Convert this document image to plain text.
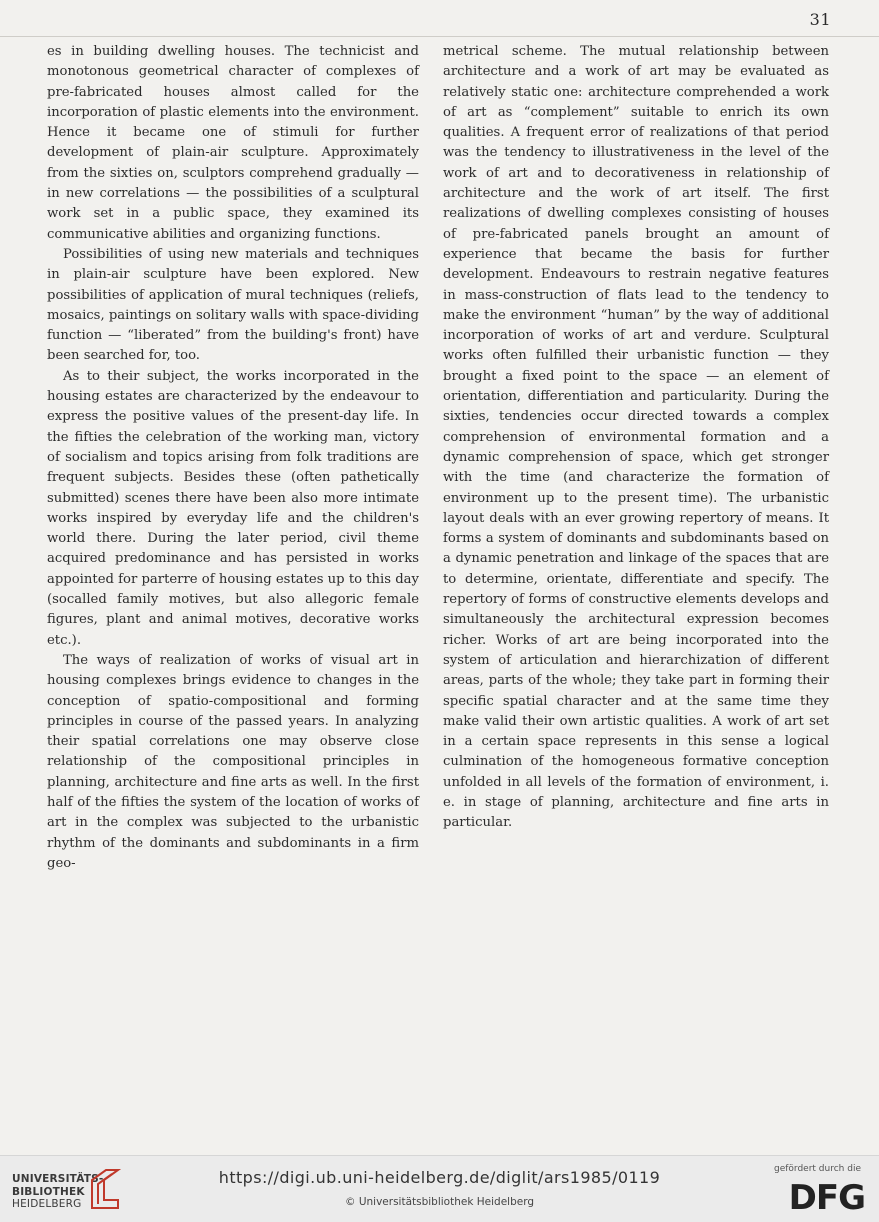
31

es in building dwelling houses. The technicist and monotonous geometrical character of complexes of pre-fabricated houses almost called for the incorporation of plastic elements into the environment. Hence it became one of stimuli for further development of plain-air sculpture. Approximately from the sixties on, sculptors comprehend gradually — in new correlations — the possibilities of a sculptural work set in a public space, they examined its communicative abilities and organizing functions.

Possibilities of using new materials and techniques in plain-air sculpture have been explored. New possibilities of application of mural techniques (reliefs, mosaics, paintings on solitary walls with space-dividing function — “liberated” from the building's front) have been searched for, too.

As to their subject, the works incorporated in the housing estates are characterized by the endeavour to express the positive values of the present-day life. In the fifties the celebration of the working man, victory of socialism and topics arising from folk traditions are frequent subjects. Besides these (often pathetically submitted) scenes there have been also more intimate works inspired by everyday life and the children's world there. During the later period, civil theme acquired predominance and has persisted in works appointed for parterre of housing estates up to this day (socalled family motives, but also allegoric female figures, plant and animal motives, decorative works etc.).

The ways of realization of works of visual art in housing complexes brings evidence to changes in the conception of spatio-compositional and forming principles in course of the passed years. In analyzing their spatial correlations one may observe close relationship of the compositional principles in planning, architecture and fine arts as well. In the first half of the fifties the system of the location of works of art in the complex was subjected to the urbanistic rhythm of the dominants and subdominants in a firm geo-

metrical scheme. The mutual relationship between architecture and a work of art may be evaluated as relatively static one: architecture comprehended a work of art as “complement” suitable to enrich its own qualities. A frequent error of realizations of that period was the tendency to illustrativeness in the level of the work of art and to decorativeness in relationship of architecture and the work of art itself. The first realizations of dwelling complexes consisting of houses of pre-fabricated panels brought an amount of experience that became the basis for further development. Endeavours to restrain negative features in mass-construction of flats lead to the tendency to make the environment “human” by the way of additional incorporation of works of art and verdure. Sculptural works often fulfilled their urbanistic function — they brought a fixed point to the space — an element of orientation, differentiation and particularity. During the sixties, tendencies occur directed towards a complex comprehension of environmental formation and a dynamic comprehension of space, which get stronger with the time (and characterize the formation of environment up to the present time). The urbanistic layout deals with an ever growing repertory of means. It forms a system of dominants and subdominants based on a dynamic penetration and linkage of the spaces that are to determine, orientate, differentiate and specify. The repertory of forms of constructive elements develops and simultaneously the architectural expression becomes richer. Works of art are being incorporated into the system of articulation and hierarchization of different areas, parts of the whole; they take part in forming their specific spatial character and at the same time they make valid their own artistic qualities. A work of art set in a certain space represents in this sense a logical culmination of the homogeneous formative conception unfolded in all levels of the formation of environment, i. e. in stage of planning, architecture and fine arts in particular.

UNIVERSITÄTS-
BIBLIOTHEK
HEIDELBERG
https://digi.ub.uni-heidelberg.de/diglit/ars1985/0119
© Universitätsbibliothek Heidelberg
gefördert durch die
DFG
